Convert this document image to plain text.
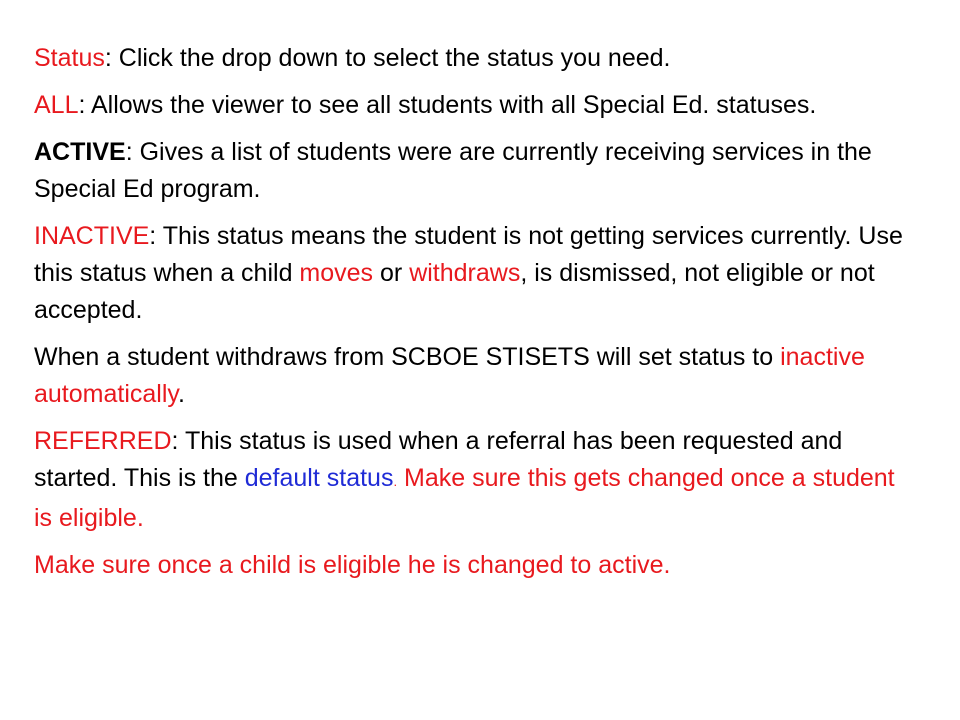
Status: Click the drop down to select the status you need.

ALL: Allows the viewer to see all students with all Special Ed. statuses.

ACTIVE: Gives a list of students were are currently receiving services in the Special Ed program.

INACTIVE: This status means the student is not getting services currently. Use this status when a child moves or withdraws, is dismissed, not eligible or not accepted.

When a student withdraws from SCBOE STISETS will set status to inactive automatically.

REFERRED: This status is used when a referral has been requested and started. This is the default status. Make sure this gets changed once a student is eligible.

Make sure once a child is eligible he is changed to active.
